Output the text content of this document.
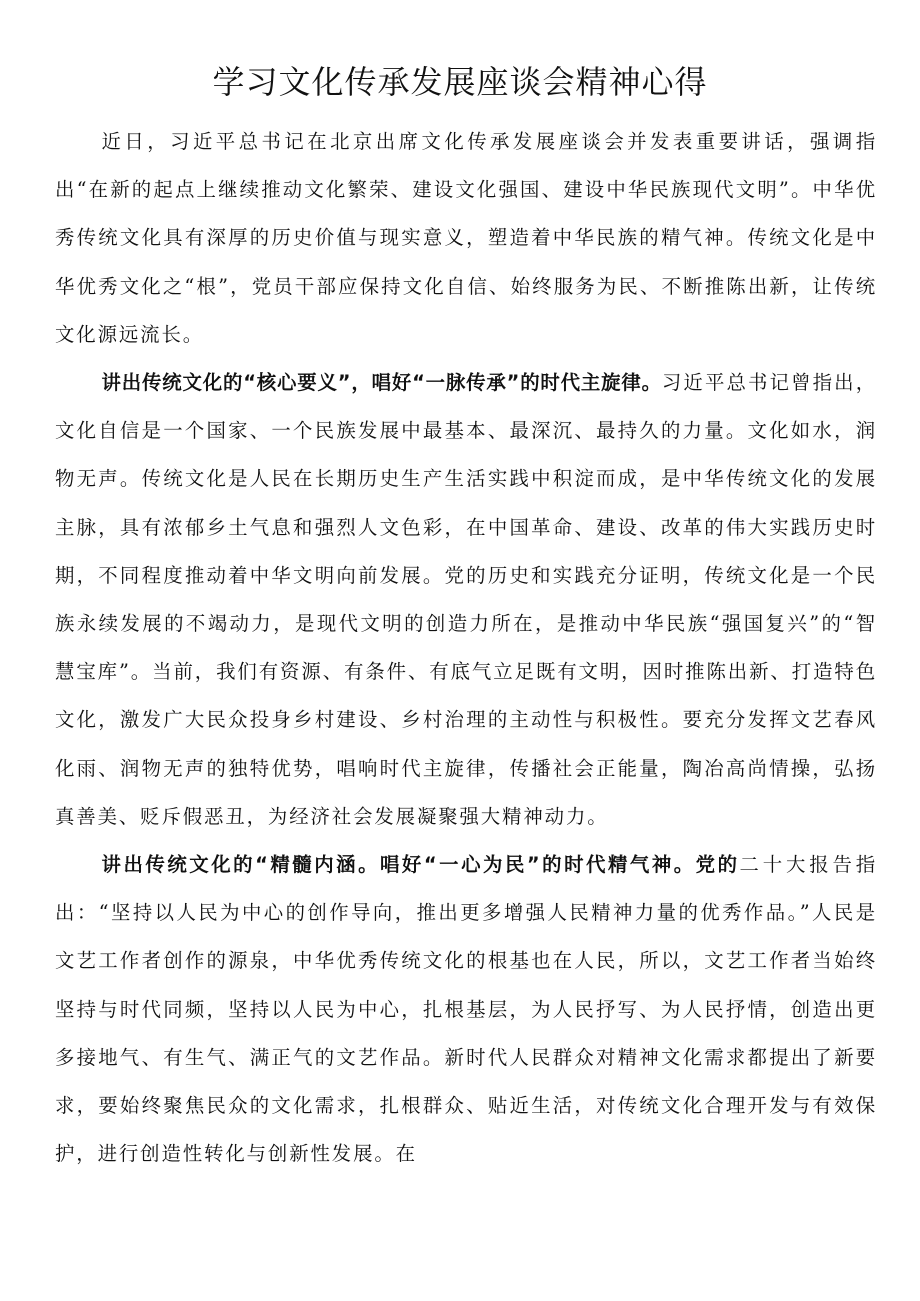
学习文化传承发展座谈会精神心得

近日，习近平总书记在北京出席文化传承发展座谈会并发表重要讲话，强调指出“在新的起点上继续推动文化繁荣、建设文化强国、建设中华民族现代文明”。中华优秀传统文化具有深厚的历史价值与现实意义，塑造着中华民族的精气神。传统文化是中华优秀文化之“根”，党员干部应保持文化自信、始终服务为民、不断推陈出新，让传统文化源远流长。

讲出传统文化的“核心要义”，唱好“一脉传承”的时代主旋律。习近平总书记曾指出，文化自信是一个国家、一个民族发展中最基本、最深沉、最持久的力量。文化如水，润物无声。传统文化是人民在长期历史生产生活实践中积淀而成，是中华传统文化的发展主脉，具有浓郁乡土气息和强烈人文色彩，在中国革命、建设、改革的伟大实践历史时期，不同程度推动着中华文明向前发展。党的历史和实践充分证明，传统文化是一个民族永续发展的不竭动力，是现代文明的创造力所在，是推动中华民族“强国复兴”的“智慧宝库”。当前，我们有资源、有条件、有底气立足既有文明，因时推陈出新、打造特色文化，激发广大民众投身乡村建设、乡村治理的主动性与积极性。要充分发挥文艺春风化雨、润物无声的独特优势，唱响时代主旋律，传播社会正能量，陶冶高尚情操，弘扬真善美、贬斥假恶丑，为经济社会发展凝聚强大精神动力。

讲出传统文化的“精髓内涵。唱好“一心为民”的时代精气神。党的二十大报告指出：“坚持以人民为中心的创作导向，推出更多增强人民精神力量的优秀作品。”人民是文艺工作者创作的源泉，中华优秀传统文化的根基也在人民，所以，文艺工作者当始终坚持与时代同频，坚持以人民为中心，扎根基层，为人民抒写、为人民抒情，创造出更多接地气、有生气、满正气的文艺作品。新时代人民群众对精神文化需求都提出了新要求，要始终聚焦民众的文化需求，扎根群众、贴近生活，对传统文化合理开发与有效保护，进行创造性转化与创新性发展。在
